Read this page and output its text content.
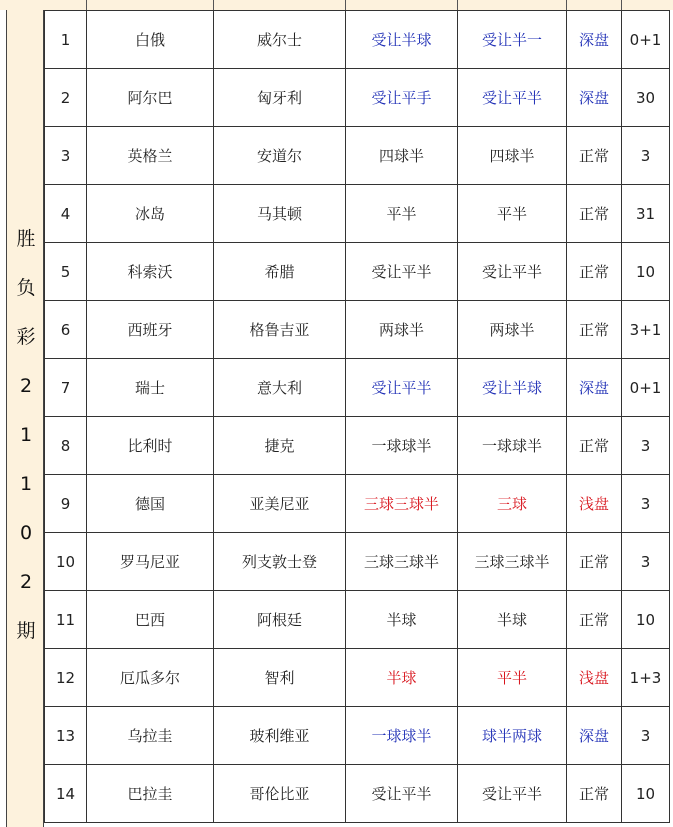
胜
负
彩
2
1
1
0
2
期
1	白俄	威尔士	受让半球	受让半一	深盘	0+1
2	阿尔巴	匈牙利	受让平手	受让平半	深盘	30
3	英格兰	安道尔	四球半	四球半	正常	3
4	冰岛	马其顿	平半	平半	正常	31
5	科索沃	希腊	受让平半	受让平半	正常	10
6	西班牙	格鲁吉亚	两球半	两球半	正常	3+1
7	瑞士	意大利	受让平半	受让半球	深盘	0+1
8	比利时	捷克	一球球半	一球球半	正常	3
9	德国	亚美尼亚	三球三球半	三球	浅盘	3
10	罗马尼亚	列支敦士登	三球三球半	三球三球半	正常	3
11	巴西	阿根廷	半球	半球	正常	10
12	厄瓜多尔	智利	半球	平半	浅盘	1+3
13	乌拉圭	玻利维亚	一球球半	球半两球	深盘	3
14	巴拉圭	哥伦比亚	受让平半	受让平半	正常	10
